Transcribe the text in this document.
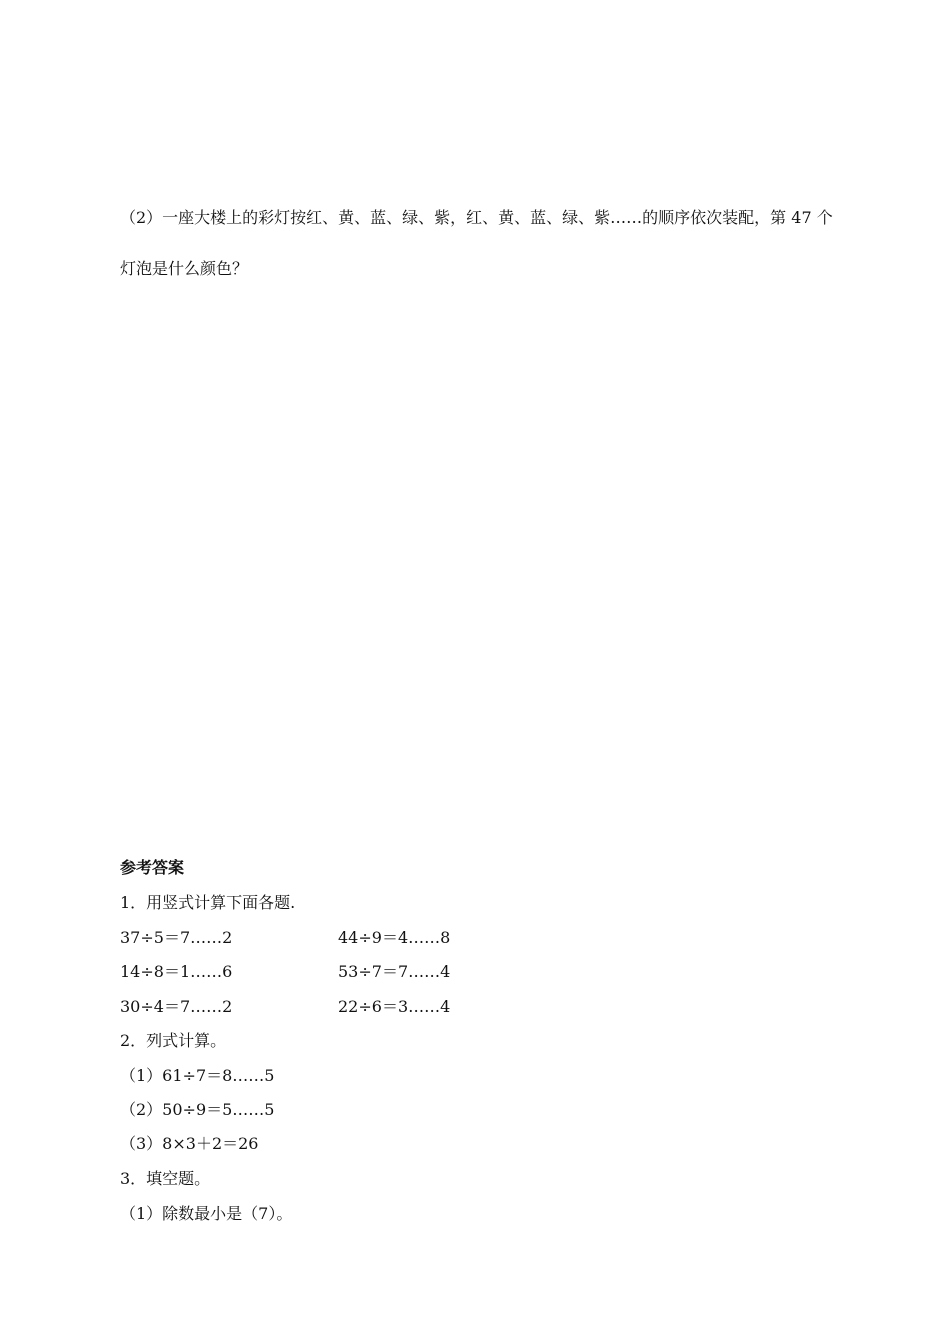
（2）一座大楼上的彩灯按红、黄、蓝、绿、紫，红、黄、蓝、绿、紫……的顺序依次装配，第 47 个
灯泡是什么颜色？
参考答案
1．用竖式计算下面各题.
37÷5＝7……2	44÷9＝4……8
14÷8＝1……6	53÷7＝7……4
30÷4＝7……2	22÷6＝3……4
2．列式计算。
（1）61÷7＝8……5
（2）50÷9＝5……5
（3）8×3＋2＝26
3．填空题。
（1）除数最小是（7）。
